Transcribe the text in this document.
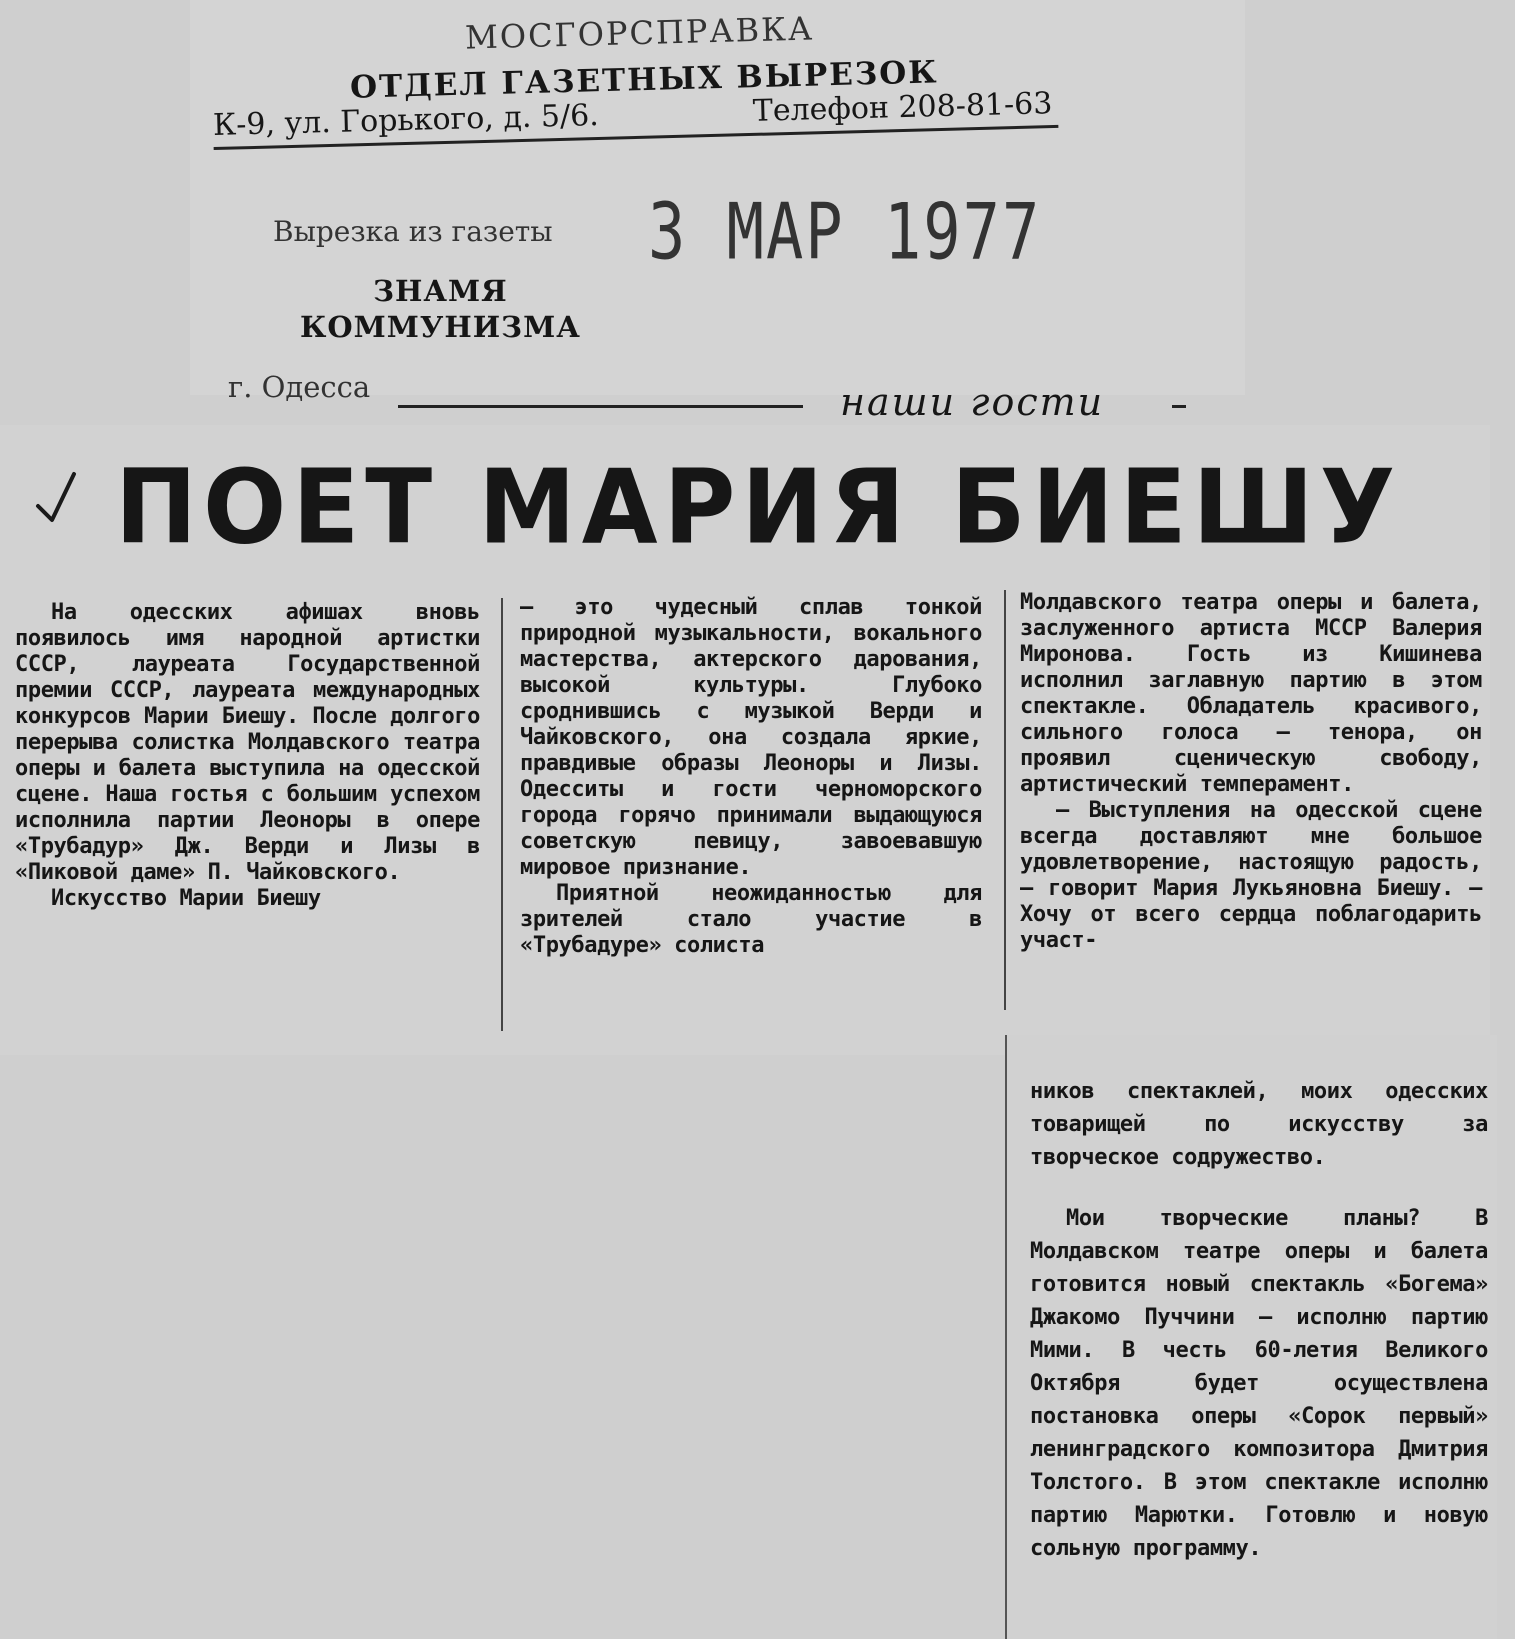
МОСГОРСПРАВКА
ОТДЕЛ ГАЗЕТНЫХ ВЫРЕЗОК
К-9, ул. Горького, д. 5/6.	Телефон 208-81-63
Вырезка из газеты 3 МАР 1977
ЗНАМЯ
КОММУНИЗМА
г. Одесса	наши гости
ПОЕТ МАРИЯ БИЕШУ

На одесских афишах вновь появилось имя народной артистки СССР, лауреата Государственной премии СССР, лауреата международных конкурсов Марии Биешу. После долгого перерыва солистка Молдавского театра оперы и балета выступила на одесской сцене. Наша гостья с большим успехом исполнила партии Леоноры в опере «Трубадур» Дж. Верди и Лизы в «Пиковой даме» П. Чайковского.

Искусство Марии Биешу

— это чудесный сплав тонкой природной музыкальности, вокального мастерства, актерского дарования, высокой культуры. Глубоко сроднившись с музыкой Верди и Чайковского, она создала яркие, правдивые образы Леоноры и Лизы. Одесситы и гости черноморского города горячо принимали выдающуюся советскую певицу, завоевавшую мировое признание.

Приятной неожиданностью для зрителей стало участие в «Трубадуре» солиста

Молдавского театра оперы и балета, заслуженного артиста МССР Валерия Миронова. Гость из Кишинева исполнил заглавную партию в этом спектакле. Обладатель красивого, сильного голоса — тенора, он проявил сценическую свободу, артистический темперамент.

— Выступления на одесской сцене всегда доставляют мне большое удовлетворение, настоящую радость, — говорит Мария Лукьяновна Биешу. — Хочу от всего сердца поблагодарить участ-

ников спектаклей, моих одесских товарищей по искусству за творческое содружество.

Мои творческие планы? В Молдавском театре оперы и балета готовится новый спектакль «Богема» Джакомо Пуччини — исполню партию Мими. В честь 60-летия Великого Октября будет осуществлена постановка оперы «Сорок первый» ленинградского композитора Дмитрия Толстого. В этом спектакле исполню партию Марютки. Готовлю и новую сольную программу.
